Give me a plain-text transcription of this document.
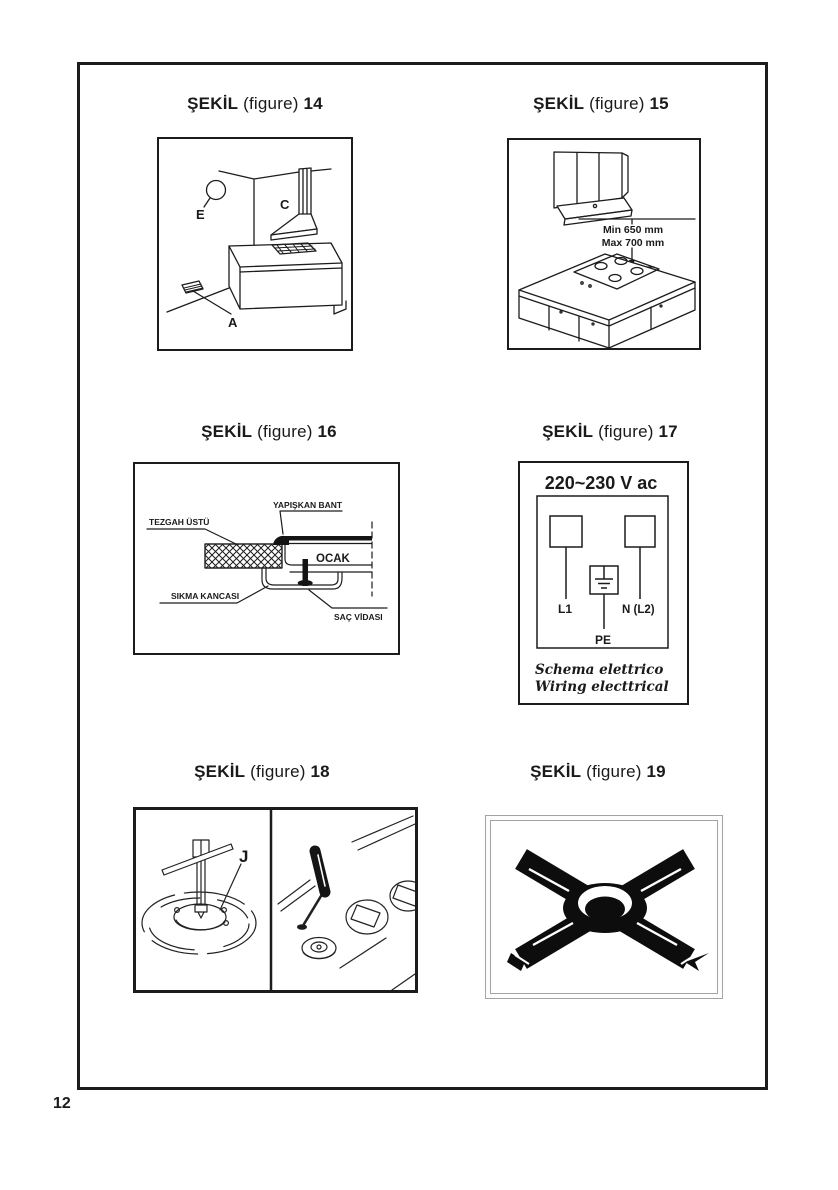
ŞEKİL (figure) 14
C
E
A
ŞEKİL (figure) 15
Min 650 mm
Max 700 mm
ŞEKİL (figure) 16
TEZGAH ÜSTÜ
YAPIŞKAN BANT
OCAK
SIKMA KANCASI
SAÇ VİDASI
ŞEKİL (figure) 17
220~230 V ac
L1	N (L2)
PE
Schema elettrico
Wiring electtrical
ŞEKİL (figure) 18
J
ŞEKİL (figure) 19
12
